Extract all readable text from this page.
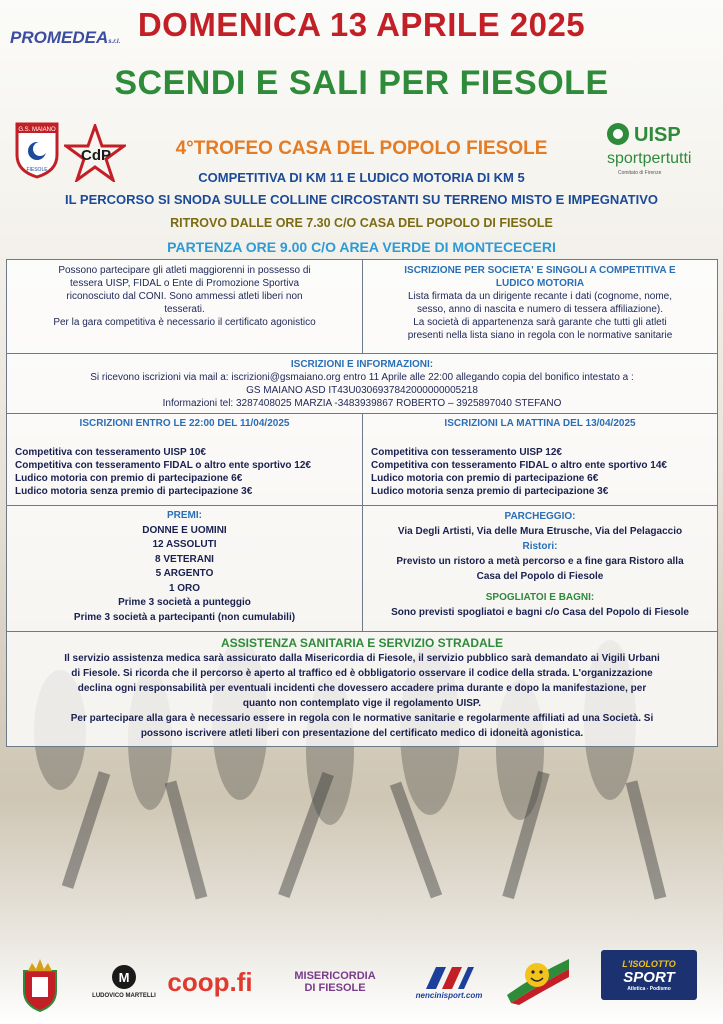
PROMEDEAs.r.l. DOMENICA 13 APRILE 2025
SCENDI E SALI PER FIESOLE
G.S. MAIANO
FIESOLE
CdP
UISP
sportpertutti
Comitato di Firenze
4°TROFEO CASA DEL POPOLO FIESOLE
COMPETITIVA DI KM 11 E LUDICO MOTORIA DI KM 5
IL PERCORSO SI SNODA SULLE COLLINE CIRCOSTANTI SU TERRENO MISTO E IMPEGNATIVO
RITROVO DALLE ORE 7.30 C/O CASA DEL POPOLO DI FIESOLE
PARTENZA ORE 9.00 C/O AREA VERDE DI MONTECECERI
Possono partecipare gli atleti maggiorenni in possesso di
tessera UISP, FIDAL o Ente di Promozione Sportiva
riconosciuto dal CONI. Sono ammessi atleti liberi non
tesserati.
Per la gara competitiva è necessario il certificato agonistico
ISCRIZIONE PER SOCIETA' E SINGOLI A COMPETITIVA E
LUDICO MOTORIA
Lista firmata da un dirigente recante i dati (cognome, nome,
sesso, anno di nascita e numero di tessera affiliazione).
La società di appartenenza sarà garante che tutti gli atleti
presenti nella lista siano in regola con le normative sanitarie
ISCRIZIONI E INFORMAZIONI:
Si ricevono iscrizioni via mail a: iscrizioni@gsmaiano.org entro 11 Aprile alle 22:00 allegando copia del bonifico intestato a :
GS MAIANO ASD IT43U0306937842000000005218
Informazioni tel: 3287408025 MARZIA -3483939867 ROBERTO – 3925897040 STEFANO
ISCRIZIONI ENTRO LE 22:00 DEL 11/04/2025
Competitiva con tesseramento UISP 10€
Competitiva con tesseramento FIDAL o altro ente sportivo 12€
Ludico motoria con premio di partecipazione 6€
Ludico motoria senza premio di partecipazione 3€
ISCRIZIONI LA MATTINA DEL 13/04/2025
Competitiva con tesseramento UISP 12€
Competitiva con tesseramento FIDAL o altro ente sportivo 14€
Ludico motoria con premio di partecipazione 6€
Ludico motoria senza premio di partecipazione 3€
PREMI:
DONNE E UOMINI
12 ASSOLUTI
8 VETERANI
5 ARGENTO
1 ORO
Prime 3 società a punteggio
Prime 3 società a partecipanti (non cumulabili)
PARCHEGGIO:
Via Degli Artisti, Via delle Mura Etrusche, Via del Pelagaccio
Ristori:
Previsto un ristoro a metà percorso e a fine gara Ristoro alla
Casa del Popolo di Fiesole
SPOGLIATOI E BAGNI:
Sono previsti spogliatoi e bagni c/o Casa del Popolo di Fiesole
ASSISTENZA SANITARIA E SERVIZIO STRADALE
Il servizio assistenza medica sarà assicurato dalla Misericordia di Fiesole, il servizio pubblico sarà demandato ai Vigili Urbani
di Fiesole. Si ricorda che il percorso è aperto al traffico ed è obbligatorio osservare il codice della strada. L'organizzazione
declina ogni responsabilità per eventuali incidenti che dovessero accadere prima durante e dopo la manifestazione, per
quanto non contemplato vige il regolamento UISP.
Per partecipare alla gara è necessario essere in regola con le normative sanitarie e regolarmente affiliati ad una Società. Si
possono iscrivere atleti liberi con presentazione del certificato medico di idoneità agonistica.
M
LUDOVICO MARTELLI coop.fi	MISERICORDIA
DI FIESOLE
nencinisport.com
L'ISOLOTTO
SPORT
Atletica - Podismo
